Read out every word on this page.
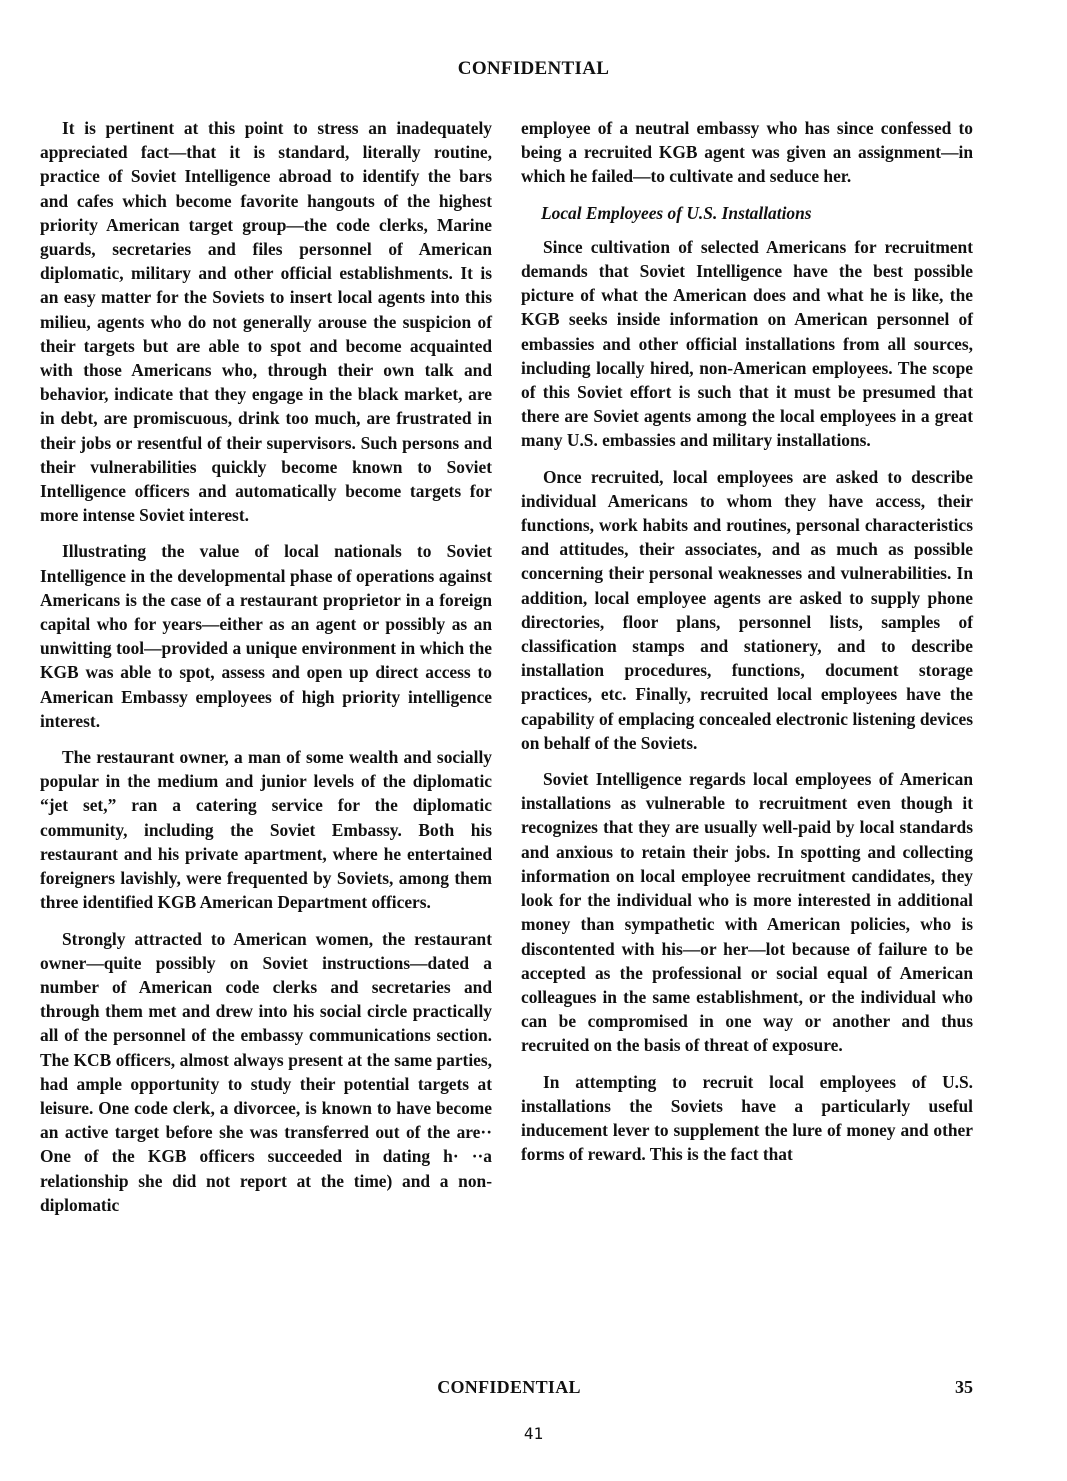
CONFIDENTIAL

It is pertinent at this point to stress an inadequately appreciated fact—that it is standard, literally routine, practice of Soviet Intelligence abroad to identify the bars and cafes which become favorite hangouts of the highest priority American target group—the code clerks, Marine guards, secretaries and files personnel of American diplomatic, military and other official establishments. It is an easy matter for the Soviets to insert local agents into this milieu, agents who do not generally arouse the suspicion of their targets but are able to spot and become acquainted with those Americans who, through their own talk and behavior, indicate that they engage in the black market, are in debt, are promiscuous, drink too much, are frustrated in their jobs or resentful of their supervisors. Such persons and their vulnerabilities quickly become known to Soviet Intelligence officers and automatically become targets for more intense Soviet interest.

Illustrating the value of local nationals to Soviet Intelligence in the developmental phase of operations against Americans is the case of a restaurant proprietor in a foreign capital who for years—either as an agent or possibly as an unwitting tool—provided a unique environment in which the KGB was able to spot, assess and open up direct access to American Embassy employees of high priority intelligence interest.

The restaurant owner, a man of some wealth and socially popular in the medium and junior levels of the diplomatic “jet set,” ran a catering service for the diplomatic community, including the Soviet Embassy. Both his restaurant and his private apartment, where he entertained foreigners lavishly, were frequented by Soviets, among them three identified KGB American Department officers.

Strongly attracted to American women, the restaurant owner—quite possibly on Soviet instructions—dated a number of American code clerks and secretaries and through them met and drew into his social circle practically all of the personnel of the embassy communications section. The KCB officers, almost always present at the same parties, had ample opportunity to study their potential targets at leisure. One code clerk, a divorcee, is known to have become an active target before she was transferred out of the are·· One of the KGB officers succeeded in dating h· ··a relationship she did not report at the time) and a non-diplomatic

employee of a neutral embassy who has since confessed to being a recruited KGB agent was given an assignment—in which he failed—to cultivate and seduce her.

Local Employees of U.S. Installations

Since cultivation of selected Americans for recruitment demands that Soviet Intelligence have the best possible picture of what the American does and what he is like, the KGB seeks inside information on American personnel of embassies and other official installations from all sources, including locally hired, non-American employees. The scope of this Soviet effort is such that it must be presumed that there are Soviet agents among the local employees in a great many U.S. embassies and military installations.

Once recruited, local employees are asked to describe individual Americans to whom they have access, their functions, work habits and routines, personal characteristics and attitudes, their associates, and as much as possible concerning their personal weaknesses and vulnerabilities. In addition, local employee agents are asked to supply phone directories, floor plans, personnel lists, samples of classification stamps and stationery, and to describe installation procedures, functions, document storage practices, etc. Finally, recruited local employees have the capability of emplacing concealed electronic listening devices on behalf of the Soviets.

Soviet Intelligence regards local employees of American installations as vulnerable to recruitment even though it recognizes that they are usually well-paid by local standards and anxious to retain their jobs. In spotting and collecting information on local employee recruitment candidates, they look for the individual who is more interested in additional money than sympathetic with American policies, who is discontented with his—or her—lot because of failure to be accepted as the professional or social equal of American colleagues in the same establishment, or the individual who can be compromised in one way or another and thus recruited on the basis of threat of exposure.

In attempting to recruit local employees of U.S. installations the Soviets have a particularly useful inducement lever to supplement the lure of money and other forms of reward. This is the fact that

CONFIDENTIAL	35
41
